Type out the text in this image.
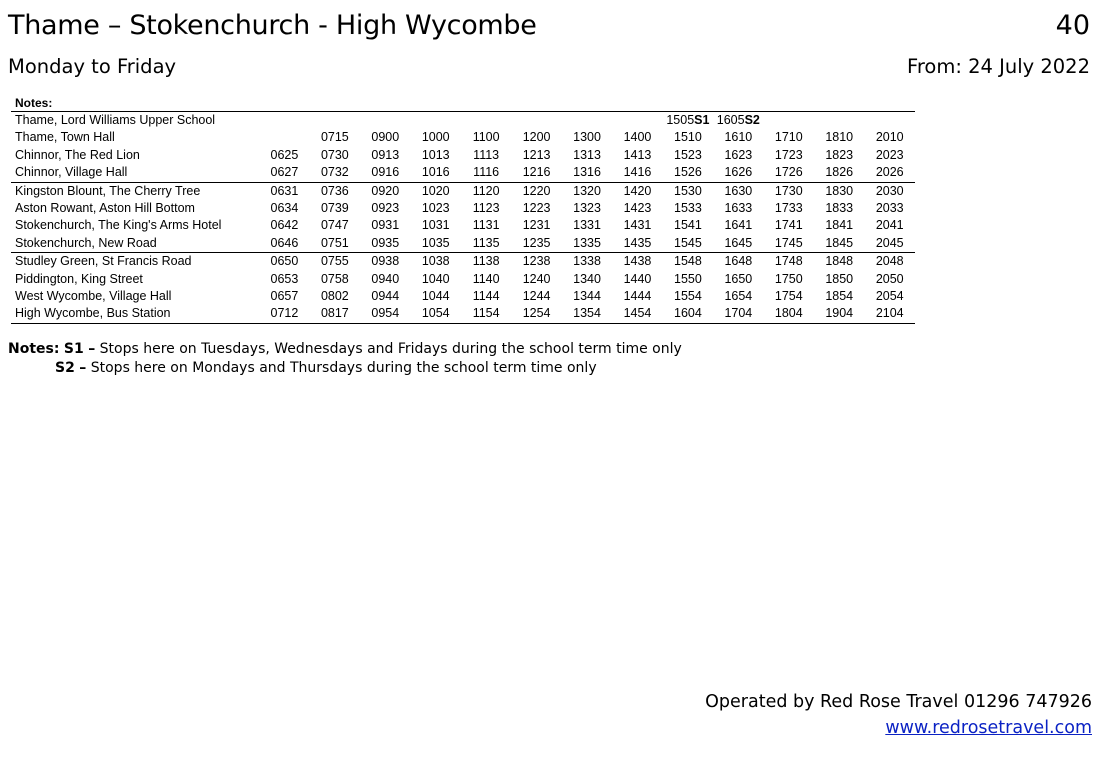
Thame – Stokenchurch - High Wycombe	40
Monday to Friday	From: 24 July 2022
Notes:													
Thame, Lord Williams Upper School									1505S1	1605S2			
Thame, Town Hall		0715	0900	1000	1100	1200	1300	1400	1510	1610	1710	1810	2010
Chinnor, The Red Lion	0625	0730	0913	1013	1113	1213	1313	1413	1523	1623	1723	1823	2023
Chinnor, Village Hall	0627	0732	0916	1016	1116	1216	1316	1416	1526	1626	1726	1826	2026
Kingston Blount, The Cherry Tree	0631	0736	0920	1020	1120	1220	1320	1420	1530	1630	1730	1830	2030
Aston Rowant, Aston Hill Bottom	0634	0739	0923	1023	1123	1223	1323	1423	1533	1633	1733	1833	2033
Stokenchurch, The King's Arms Hotel	0642	0747	0931	1031	1131	1231	1331	1431	1541	1641	1741	1841	2041
Stokenchurch, New Road	0646	0751	0935	1035	1135	1235	1335	1435	1545	1645	1745	1845	2045
Studley Green, St Francis Road	0650	0755	0938	1038	1138	1238	1338	1438	1548	1648	1748	1848	2048
Piddington, King Street	0653	0758	0940	1040	1140	1240	1340	1440	1550	1650	1750	1850	2050
West Wycombe, Village Hall	0657	0802	0944	1044	1144	1244	1344	1444	1554	1654	1754	1854	2054
High Wycombe, Bus Station	0712	0817	0954	1054	1154	1254	1354	1454	1604	1704	1804	1904	2104
Notes: S1 – Stops here on Tuesdays, Wednesdays and Fridays during the school term time only
S2 – Stops here on Mondays and Thursdays during the school term time only
Operated by Red Rose Travel 01296 747926
www.redrosetravel.com
